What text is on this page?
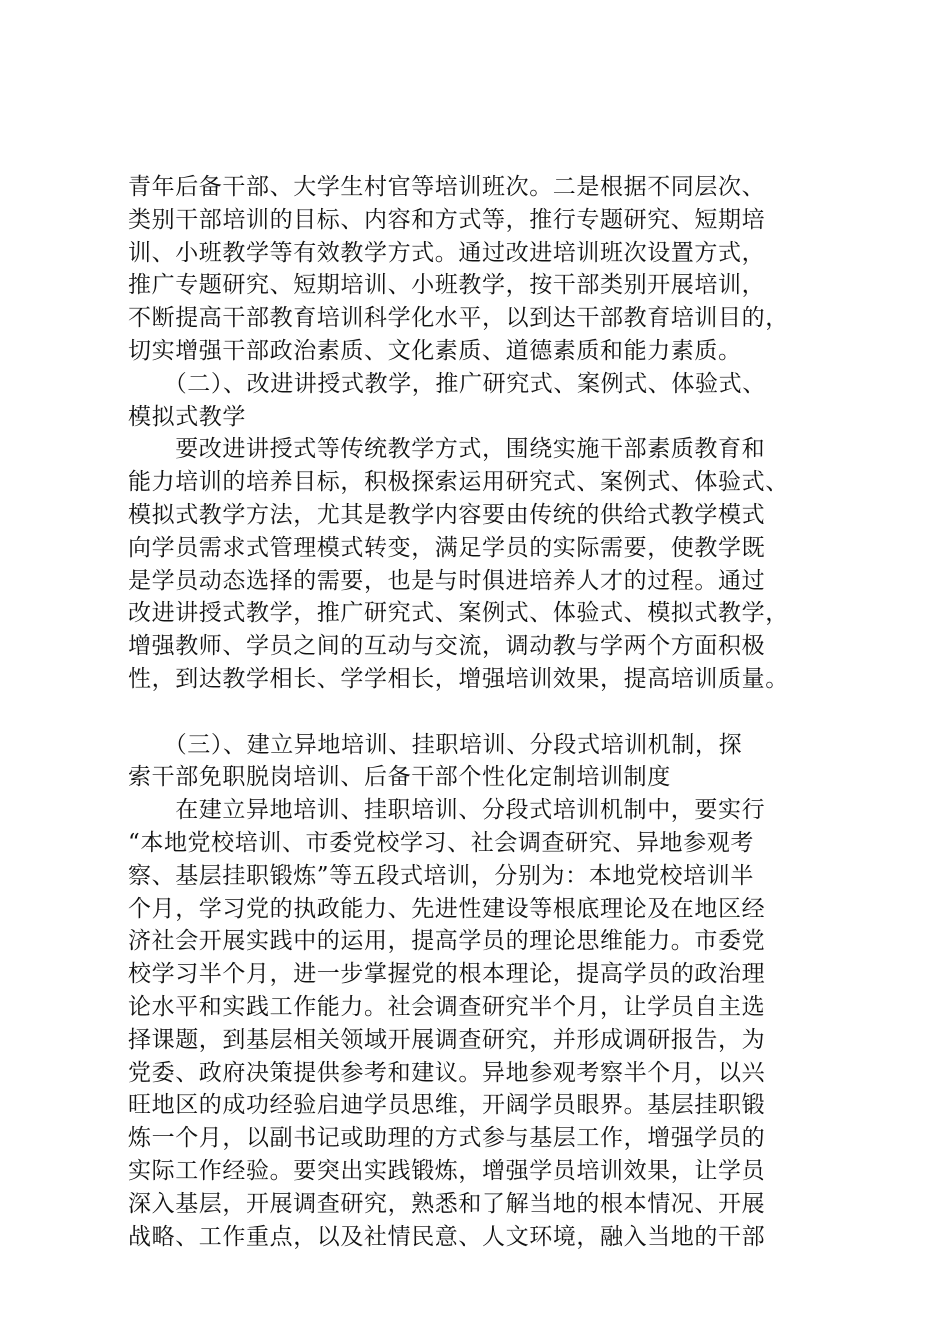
青年后备干部、大学生村官等培训班次。二是根据不同层次、
类别干部培训的目标、内容和方式等，推行专题研究、短期培
训、小班教学等有效教学方式。通过改进培训班次设置方式，
推广专题研究、短期培训、小班教学，按干部类别开展培训，
不断提高干部教育培训科学化水平，以到达干部教育培训目的，
切实增强干部政治素质、文化素质、道德素质和能力素质。
　　（二）、改进讲授式教学，推广研究式、案例式、体验式、
模拟式教学
　　要改进讲授式等传统教学方式，围绕实施干部素质教育和
能力培训的培养目标，积极探索运用研究式、案例式、体验式、
模拟式教学方法，尤其是教学内容要由传统的供给式教学模式
向学员需求式管理模式转变，满足学员的实际需要，使教学既
是学员动态选择的需要，也是与时俱进培养人才的过程。通过
改进讲授式教学，推广研究式、案例式、体验式、模拟式教学，
增强教师、学员之间的互动与交流，调动教与学两个方面积极
性，到达教学相长、学学相长，增强培训效果，提高培训质量。
　　（三）、建立异地培训、挂职培训、分段式培训机制，探
索干部免职脱岗培训、后备干部个性化定制培训制度
　　在建立异地培训、挂职培训、分段式培训机制中，要实行
“本地党校培训、市委党校学习、社会调查研究、异地参观考
察、基层挂职锻炼”等五段式培训，分别为：本地党校培训半
个月，学习党的执政能力、先进性建设等根底理论及在地区经
济社会开展实践中的运用，提高学员的理论思维能力。市委党
校学习半个月，进一步掌握党的根本理论，提高学员的政治理
论水平和实践工作能力。社会调查研究半个月，让学员自主选
择课题，到基层相关领域开展调查研究，并形成调研报告，为
党委、政府决策提供参考和建议。异地参观考察半个月，以兴
旺地区的成功经验启迪学员思维，开阔学员眼界。基层挂职锻
炼一个月，以副书记或助理的方式参与基层工作，增强学员的
实际工作经验。要突出实践锻炼，增强学员培训效果，让学员
深入基层，开展调查研究，熟悉和了解当地的根本情况、开展
战略、工作重点，以及社情民意、人文环境，融入当地的干部
